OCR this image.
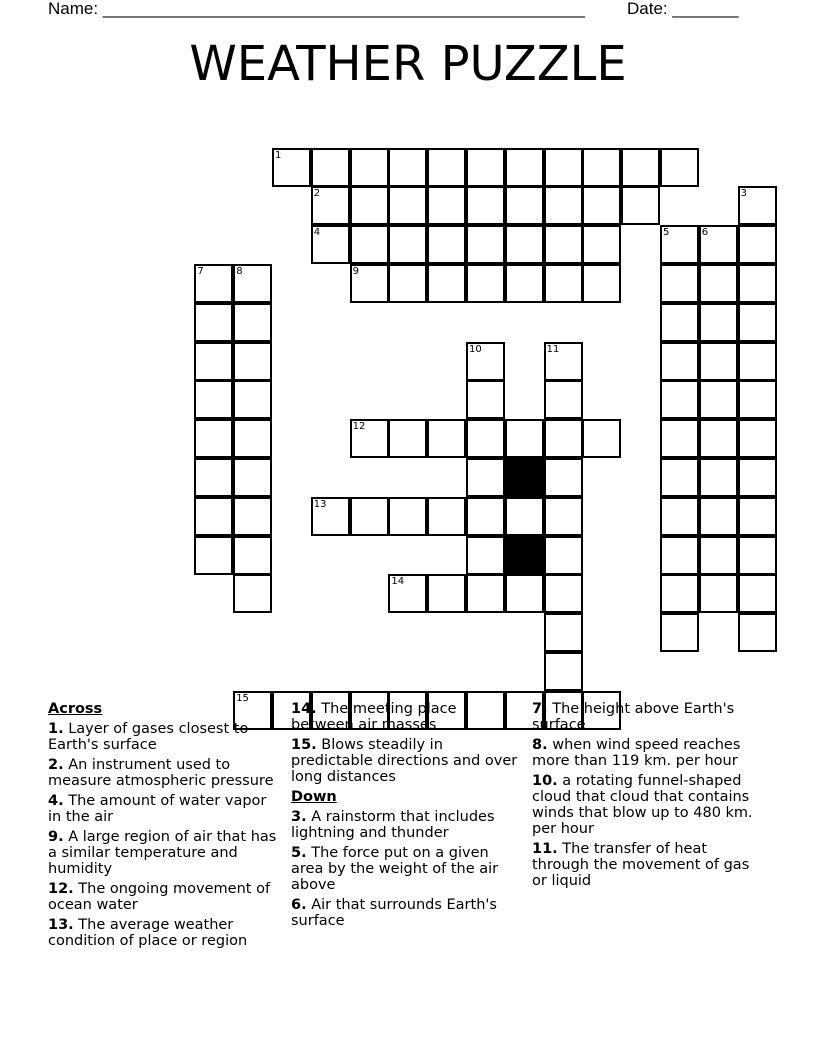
Name: ___________________________________________________ Date: _______
WEATHER PUZZLE
1
2	3
4	5	6
7	8	9
10	11
12
13
14
15
Across
1. Layer of gases closest to Earth's surface
2. An instrument used to measure atmospheric pressure
4. The amount of water vapor in the air
9. A large region of air that has a similar temperature and humidity
12. The ongoing movement of ocean water
13. The average weather condition of place or region
14. The meeting place between air masses
15. Blows steadily in predictable directions and over long distances
Down
3. A rainstorm that includes lightning and thunder
5. The force put on a given area by the weight of the air above
6. Air that surrounds Earth's surface
7. The height above Earth's surface
8. when wind speed reaches more than 119 km. per hour
10. a rotating funnel-shaped cloud that cloud that contains winds that blow up to 480 km. per hour
11. The transfer of heat through the movement of gas or liquid
